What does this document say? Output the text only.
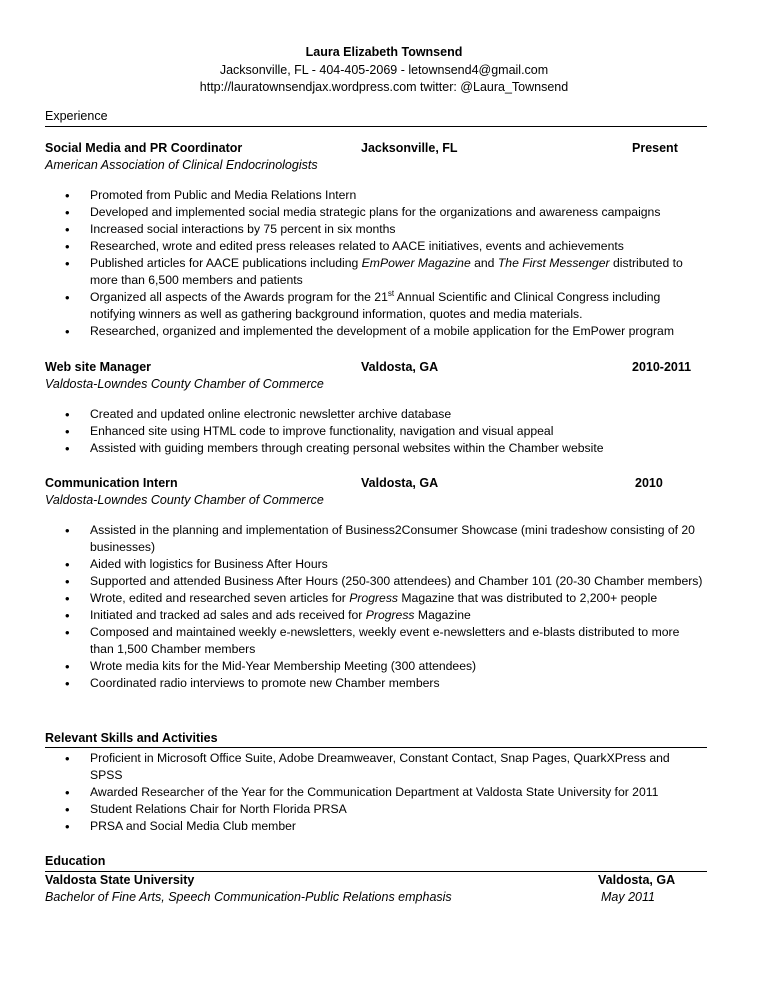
Laura Elizabeth Townsend
Jacksonville, FL - 404-405-2069 - letownsend4@gmail.com
http://lauratownsendjax.wordpress.com twitter: @Laura_Townsend
Experience
Social Media and PR Coordinator	Jacksonville, FL	Present
American Association of Clinical Endocrinologists
• Promoted from Public and Media Relations Intern
• Developed and implemented social media strategic plans for the organizations and awareness campaigns
• Increased social interactions by 75 percent in six months
• Researched, wrote and edited press releases related to AACE initiatives, events and achievements
• Published articles for AACE publications including EmPower Magazine and The First Messenger distributed to more than 6,500 members and patients
• Organized all aspects of the Awards program for the 21st Annual Scientific and Clinical Congress including notifying winners as well as gathering background information, quotes and media materials.
• Researched, organized and implemented the development of a mobile application for the EmPower program
Web site Manager	Valdosta, GA	2010-2011
Valdosta-Lowndes County Chamber of Commerce
• Created and updated online electronic newsletter archive database
• Enhanced site using HTML code to improve functionality, navigation and visual appeal
• Assisted with guiding members through creating personal websites within the Chamber website
Communication Intern	Valdosta, GA	2010
Valdosta-Lowndes County Chamber of Commerce
• Assisted in the planning and implementation of Business2Consumer Showcase (mini tradeshow consisting of 20 businesses)
• Aided with logistics for Business After Hours
• Supported and attended Business After Hours (250-300 attendees) and Chamber 101 (20-30 Chamber members)
• Wrote, edited and researched seven articles for Progress Magazine that was distributed to 2,200+ people
• Initiated and tracked ad sales and ads received for Progress Magazine
• Composed and maintained weekly e-newsletters, weekly event e-newsletters and e-blasts distributed to more than 1,500 Chamber members
• Wrote media kits for the Mid-Year Membership Meeting (300 attendees)
• Coordinated radio interviews to promote new Chamber members
Relevant Skills and Activities
• Proficient in Microsoft Office Suite, Adobe Dreamweaver, Constant Contact, Snap Pages, QuarkXPress and SPSS
• Awarded Researcher of the Year for the Communication Department at Valdosta State University for 2011
• Student Relations Chair for North Florida PRSA
• PRSA and Social Media Club member
Education
Valdosta State University	Valdosta, GA
Bachelor of Fine Arts, Speech Communication-Public Relations emphasis	May 2011
